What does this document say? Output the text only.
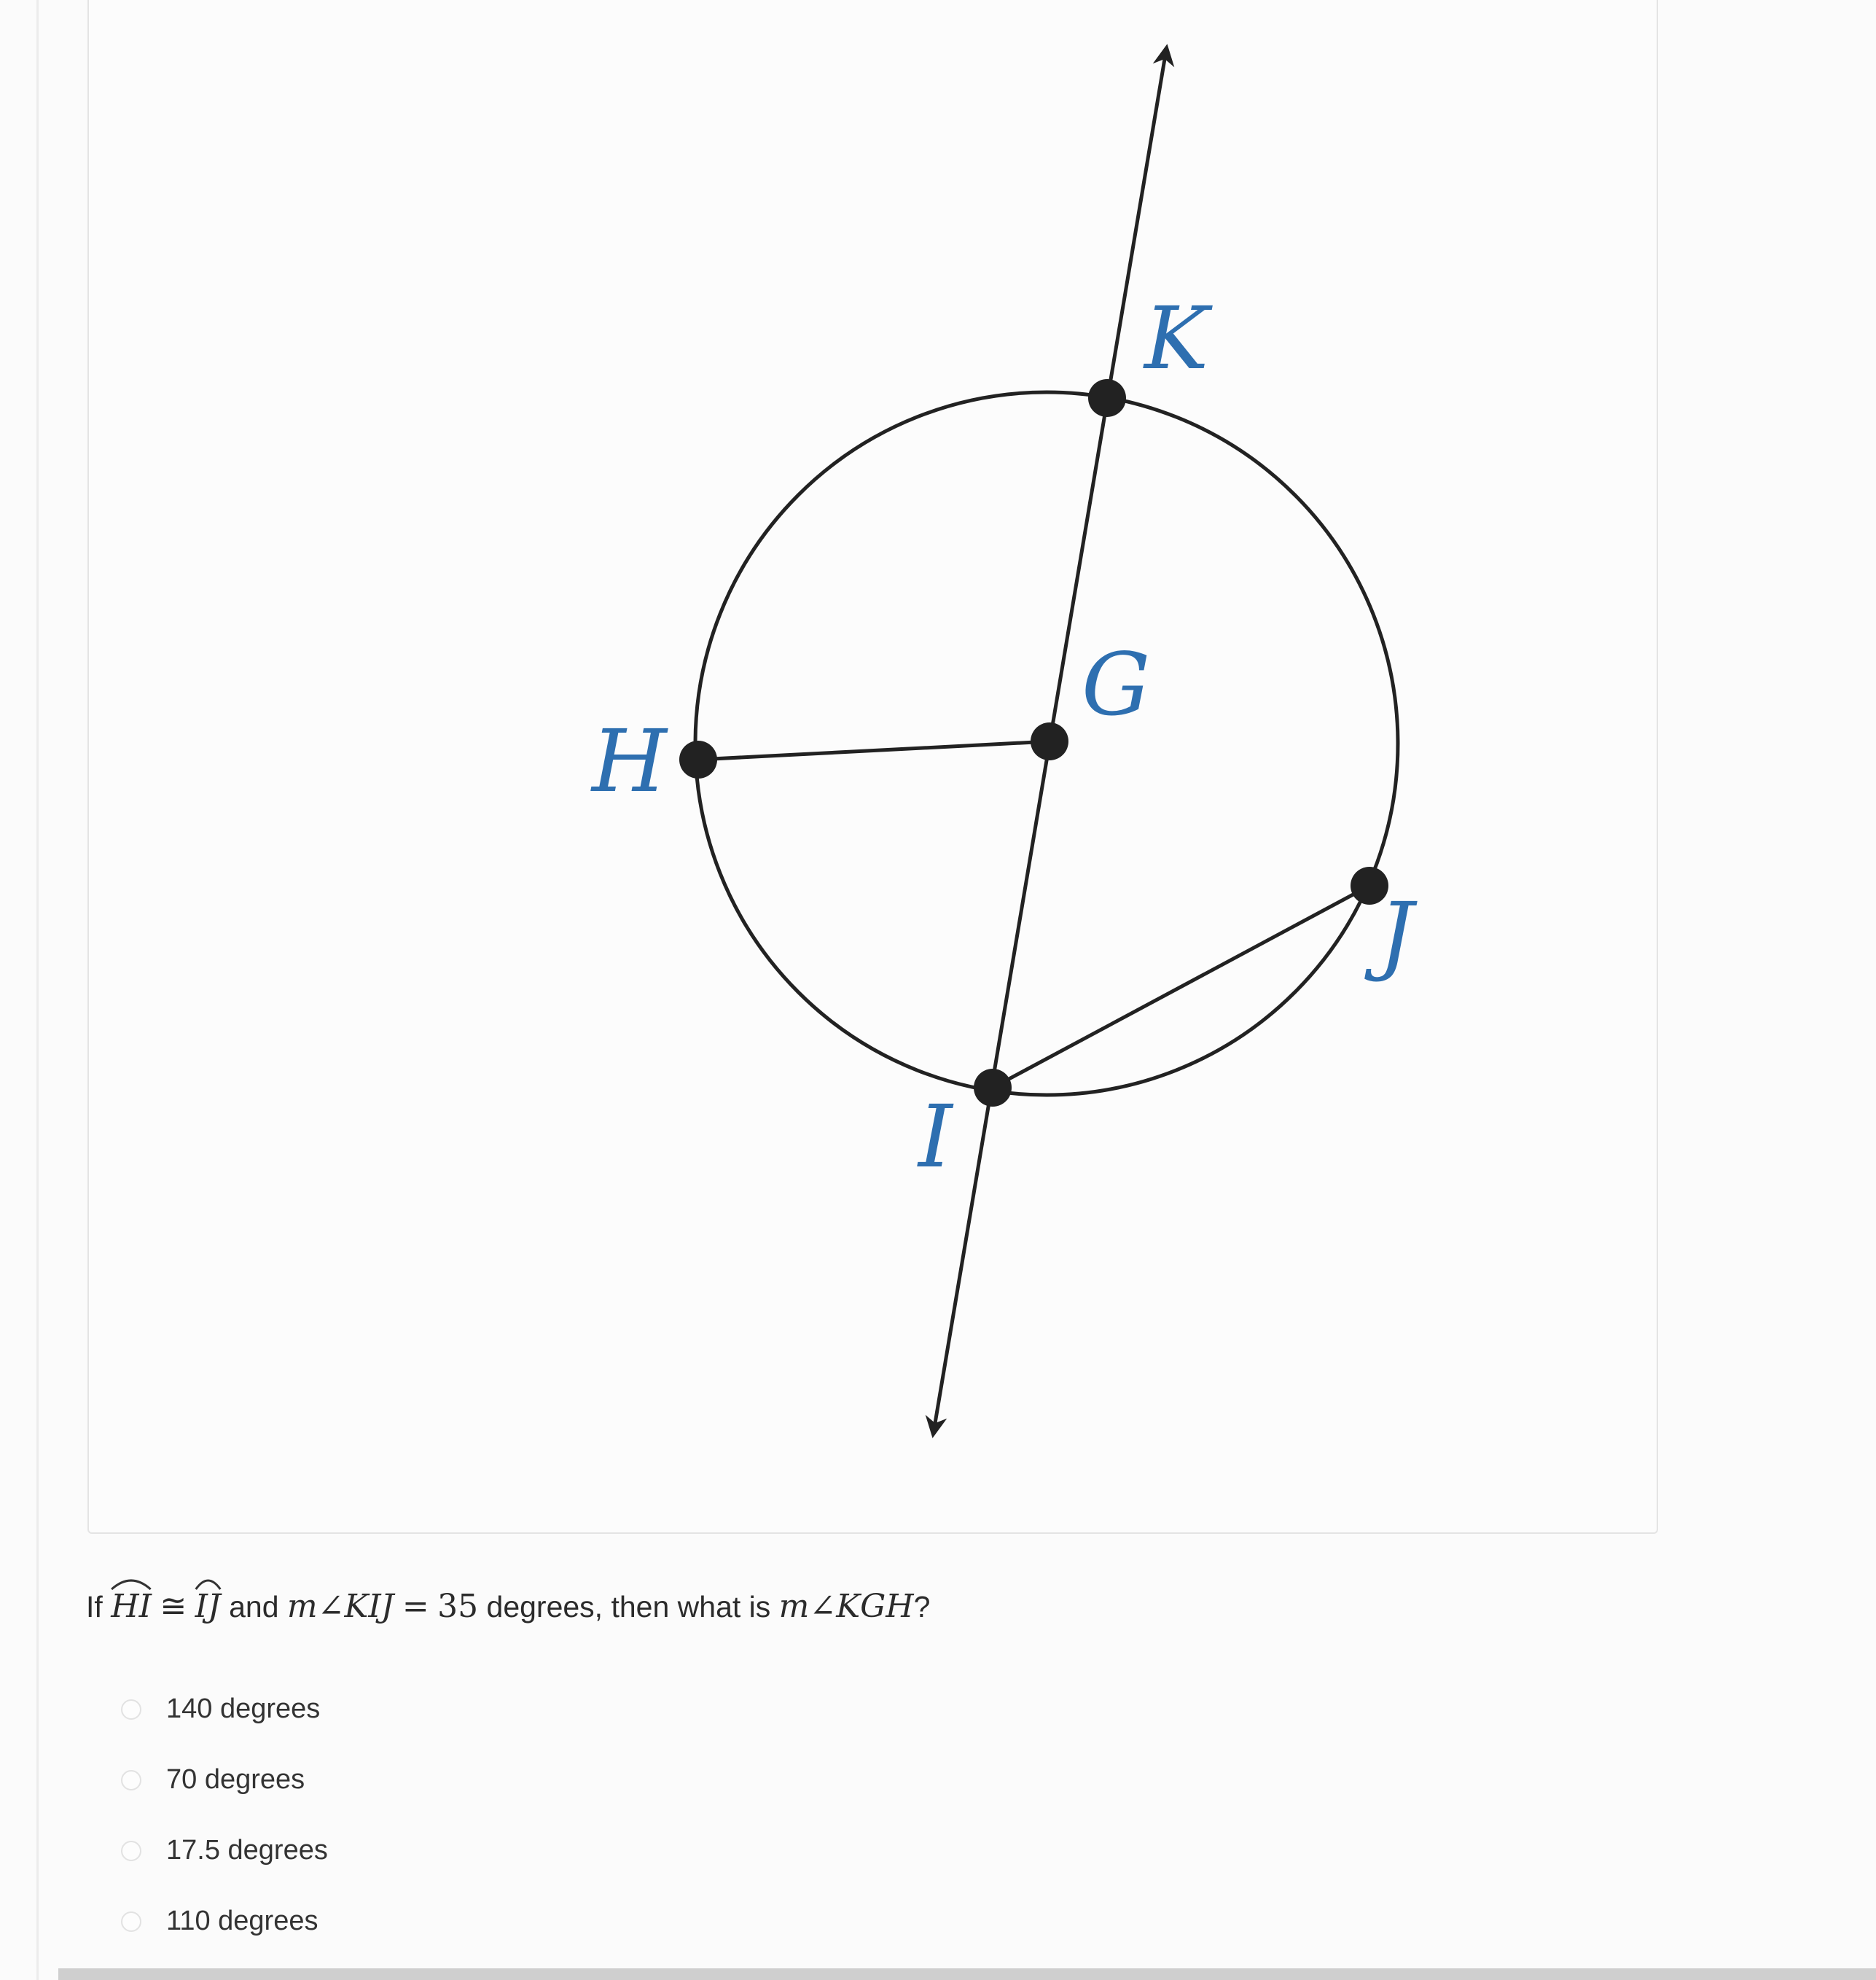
K
G
H
J
I
If HI ≅ IJ and m∠KIJ = 35 degrees, then what is m∠KGH?
140 degrees
70 degrees
17.5 degrees
110 degrees
